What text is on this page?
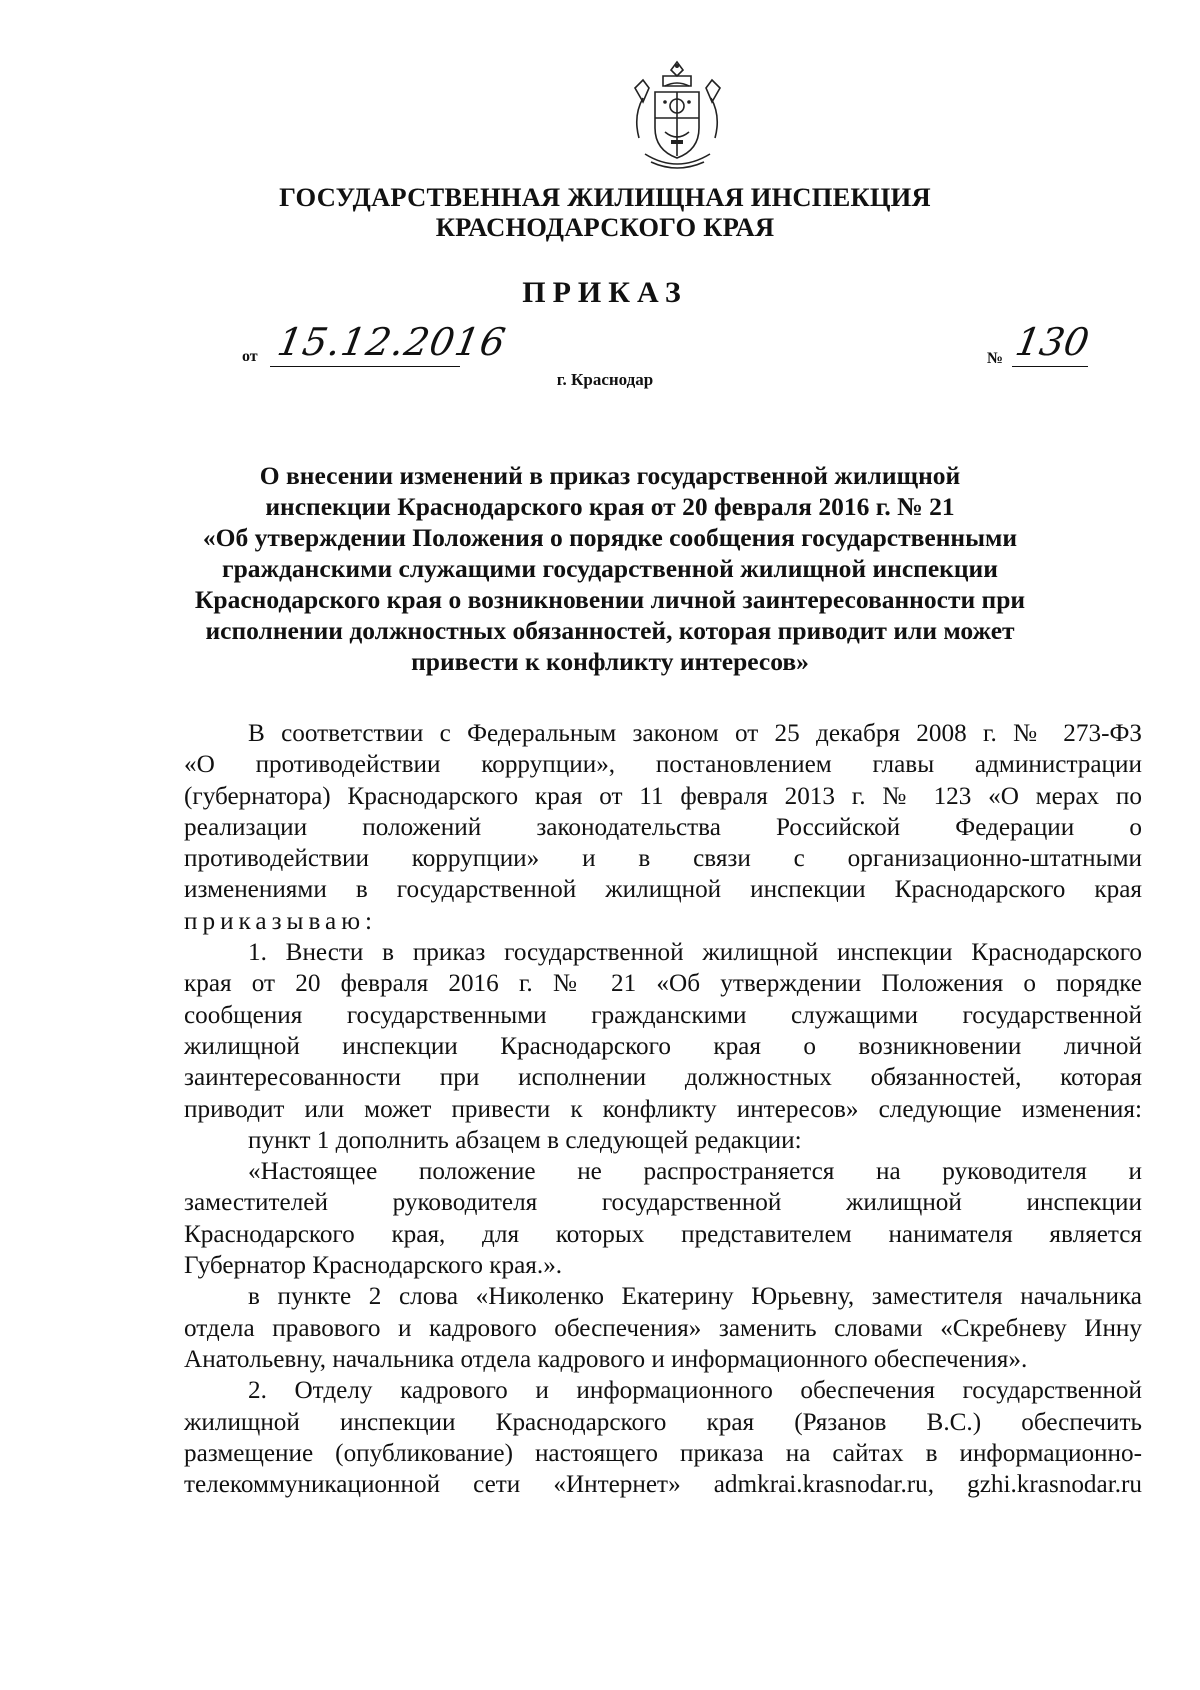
ГОСУДАРСТВЕННАЯ ЖИЛИЩНАЯ ИНСПЕКЦИЯ
КРАСНОДАРСКОГО КРАЯ
ПРИКАЗ
от 15.12.2016	№ 130
г. Краснодар
О внесении изменений в приказ государственной жилищной
инспекции Краснодарского края от 20 февраля 2016 г. № 21
«Об утверждении Положения о порядке сообщения государственными
гражданскими служащими государственной жилищной инспекции
Краснодарского края о возникновении личной заинтересованности при
исполнении должностных обязанностей, которая приводит или может
привести к конфликту интересов»
В соответствии с Федеральным законом от 25 декабря 2008 г. № 273-ФЗ
«О противодействии коррупции», постановлением главы администрации
(губернатора) Краснодарского края от 11 февраля 2013 г. № 123 «О мерах по
реализации положений законодательства Российской Федерации о
противодействии коррупции» и в связи с организационно-штатными
изменениями в государственной жилищной инспекции Краснодарского края
приказываю:
1. Внести в приказ государственной жилищной инспекции Краснодарского
края от 20 февраля 2016 г. № 21 «Об утверждении Положения о порядке
сообщения государственными гражданскими служащими государственной
жилищной инспекции Краснодарского края о возникновении личной
заинтересованности при исполнении должностных обязанностей, которая
приводит или может привести к конфликту интересов» следующие изменения:
пункт 1 дополнить абзацем в следующей редакции:
«Настоящее положение не распространяется на руководителя и
заместителей руководителя государственной жилищной инспекции
Краснодарского края, для которых представителем нанимателя является
Губернатор Краснодарского края.».
в пункте 2 слова «Николенко Екатерину Юрьевну, заместителя начальника
отдела правового и кадрового обеспечения» заменить словами «Скребневу Инну
Анатольевну, начальника отдела кадрового и информационного обеспечения».
2. Отделу кадрового и информационного обеспечения государственной
жилищной инспекции Краснодарского края (Рязанов В.С.) обеспечить
размещение (опубликование) настоящего приказа на сайтах в информационно-
телекоммуникационной сети «Интернет» admkrai.krasnodar.ru, gzhi.krasnodar.ru
